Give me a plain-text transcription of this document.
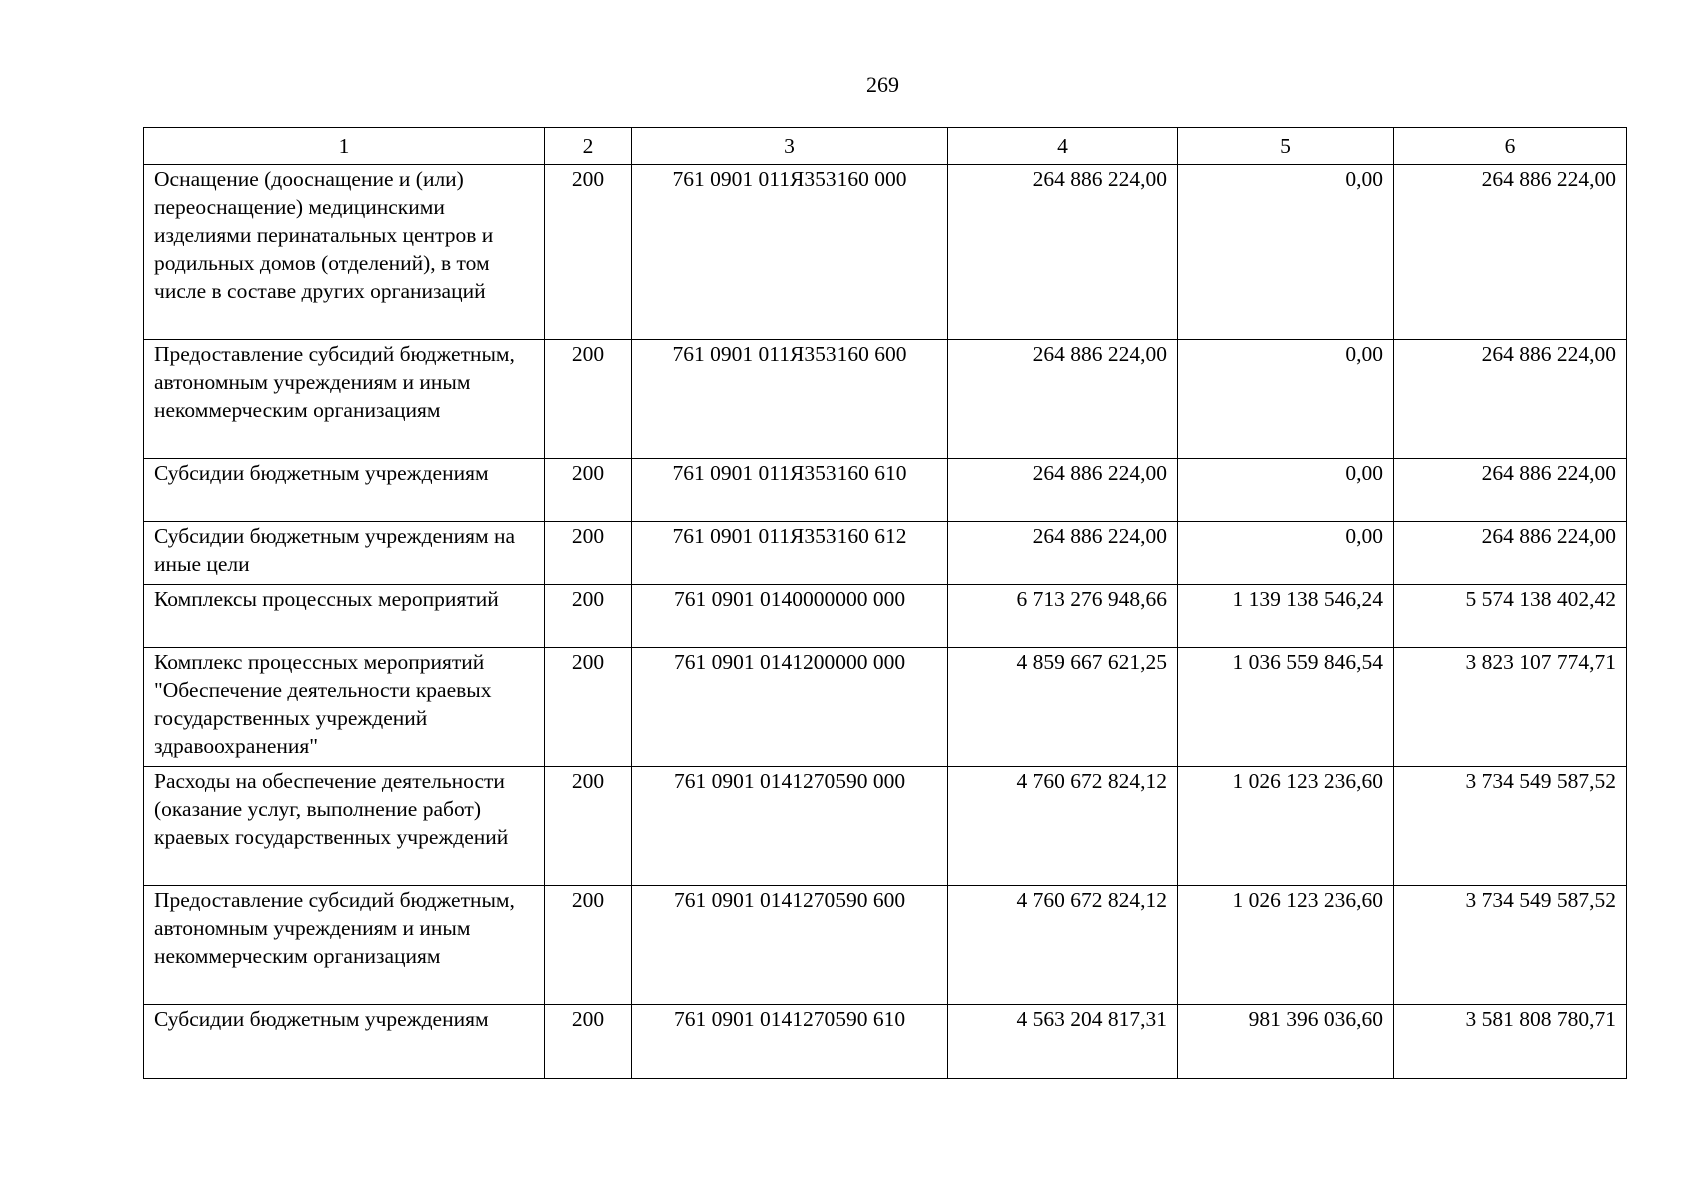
269
1	2	3	4	5	6
Оснащение (дооснащение и (или) переоснащение) медицинскими изделиями перинатальных центров и родильных домов (отделений), в том числе в составе других организаций	200	761 0901 011Я353160 000	264 886 224,00	0,00	264 886 224,00
Предоставление субсидий бюджетным, автономным учреждениям и иным некоммерческим организациям	200	761 0901 011Я353160 600	264 886 224,00	0,00	264 886 224,00
Субсидии бюджетным учреждениям	200	761 0901 011Я353160 610	264 886 224,00	0,00	264 886 224,00
Субсидии бюджетным учреждениям на иные цели	200	761 0901 011Я353160 612	264 886 224,00	0,00	264 886 224,00
Комплексы процессных мероприятий	200	761 0901 0140000000 000	6 713 276 948,66	1 139 138 546,24	5 574 138 402,42
Комплекс процессных мероприятий "Обеспечение деятельности краевых государственных учреждений здравоохранения"	200	761 0901 0141200000 000	4 859 667 621,25	1 036 559 846,54	3 823 107 774,71
Расходы на обеспечение деятельности (оказание услуг, выполнение работ) краевых государственных учреждений	200	761 0901 0141270590 000	4 760 672 824,12	1 026 123 236,60	3 734 549 587,52
Предоставление субсидий бюджетным, автономным учреждениям и иным некоммерческим организациям	200	761 0901 0141270590 600	4 760 672 824,12	1 026 123 236,60	3 734 549 587,52
Субсидии бюджетным учреждениям	200	761 0901 0141270590 610	4 563 204 817,31	981 396 036,60	3 581 808 780,71
